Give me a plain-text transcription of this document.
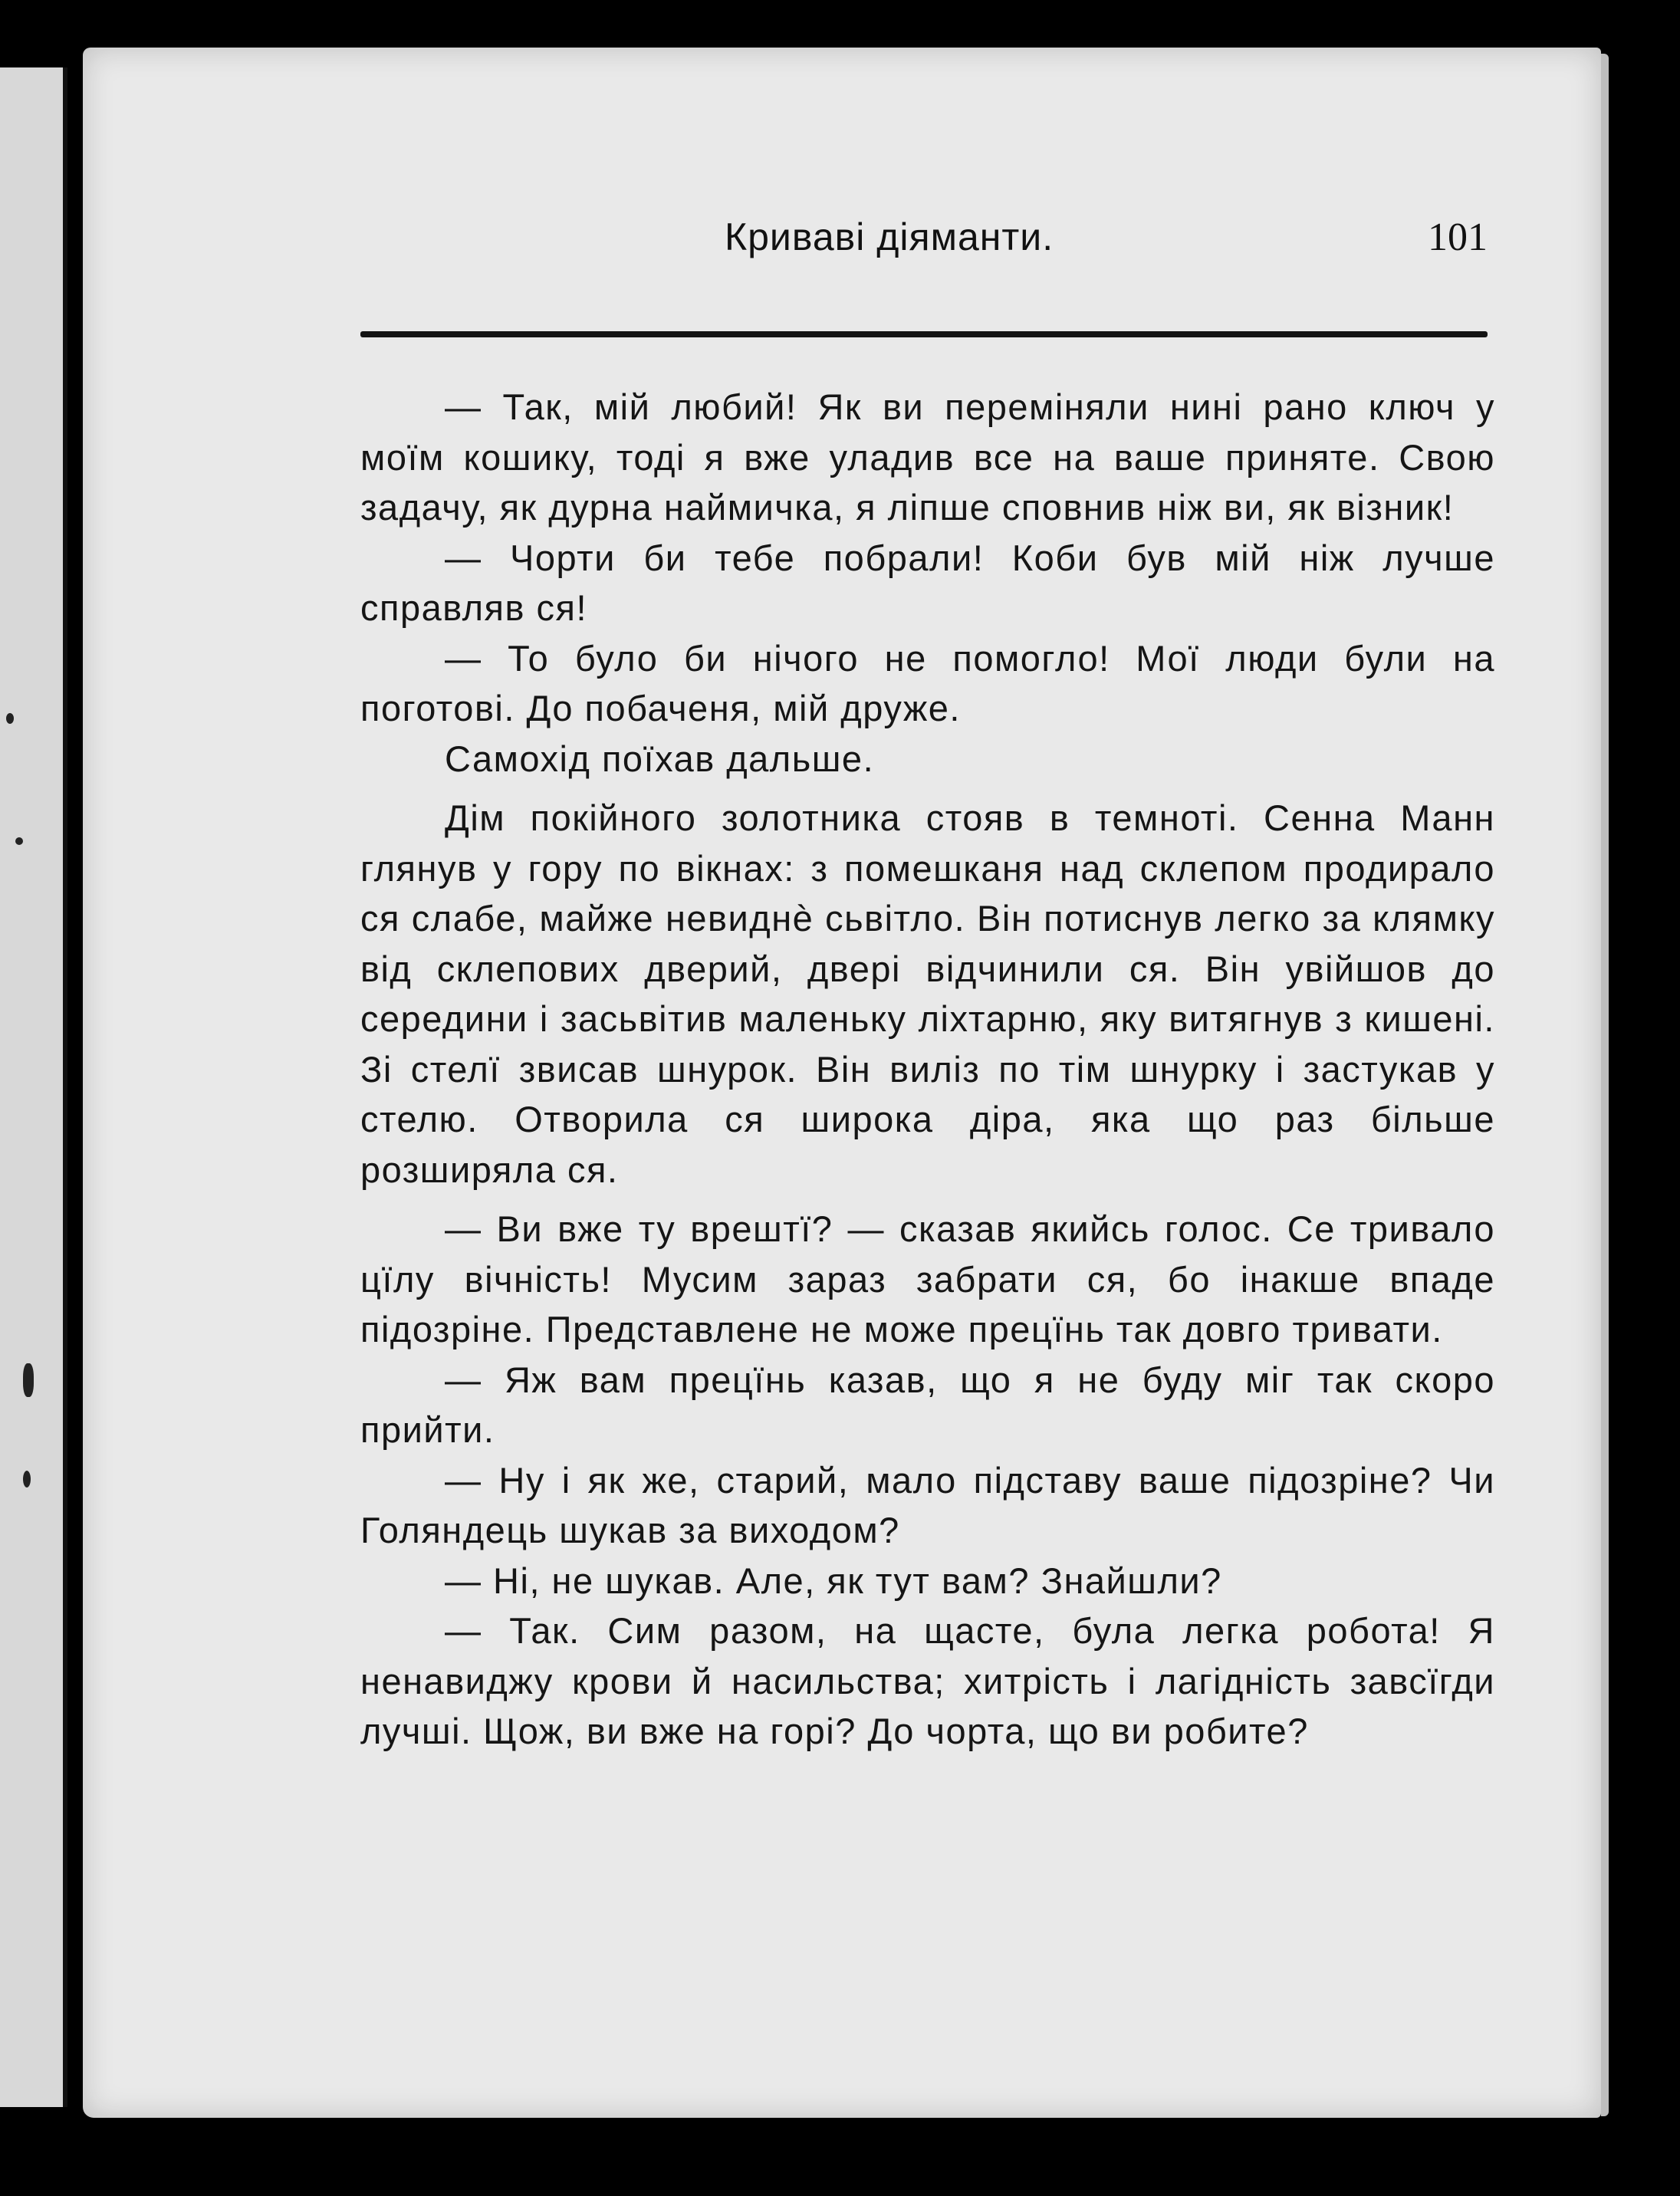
Криваві діяманти.	101

— Так, мій любий! Як ви переміняли нині рано ключ у моїм кошику, тоді я вже уладив все на ваше приняте. Свою задачу, як дурна наймичка, я ліпше сповнив ніж ви, як візник!

— Чорти би тебе побрали! Коби був мій ніж лучше справляв ся!

— То було би нічого не помогло! Мої люди були на поготові. До побаченя, мій друже.

Самохід поїхав дальше.

Дім покійного золотника стояв в темноті. Сенна Манн глянув у гору по вікнах: з помешканя над склепом продирало ся слабе, майже невиднѐ сьвітло. Він потиснув легко за клямку від склепових дверий, двері відчинили ся. Він увійшов до середини і засьвітив маленьку ліхтарню, яку витягнув з кишені. Зі стелї звисав шнурок. Він виліз по тім шнурку і застукав у стелю. Отворила ся широка діра, яка що раз більше розширяла ся.

— Ви вже ту врештї? — сказав якийсь голос. Се тривало цїлу вічність! Мусим зараз забрати ся, бо інакше впаде підозріне. Представлене не може прецїнь так довго тривати.

— Яж вам прецїнь казав, що я не буду міг так скоро прийти.

— Ну і як же, старий, мало підставу ваше підозріне? Чи Голяндець шукав за виходом?

— Ні, не шукав. Але, як тут вам? Знайшли?

— Так. Сим разом, на щасте, була легка робота! Я ненавиджу крови й насильства; хитрість і лагідність завсїгди лучші. Щож, ви вже на горі? До чорта, що ви робите?
